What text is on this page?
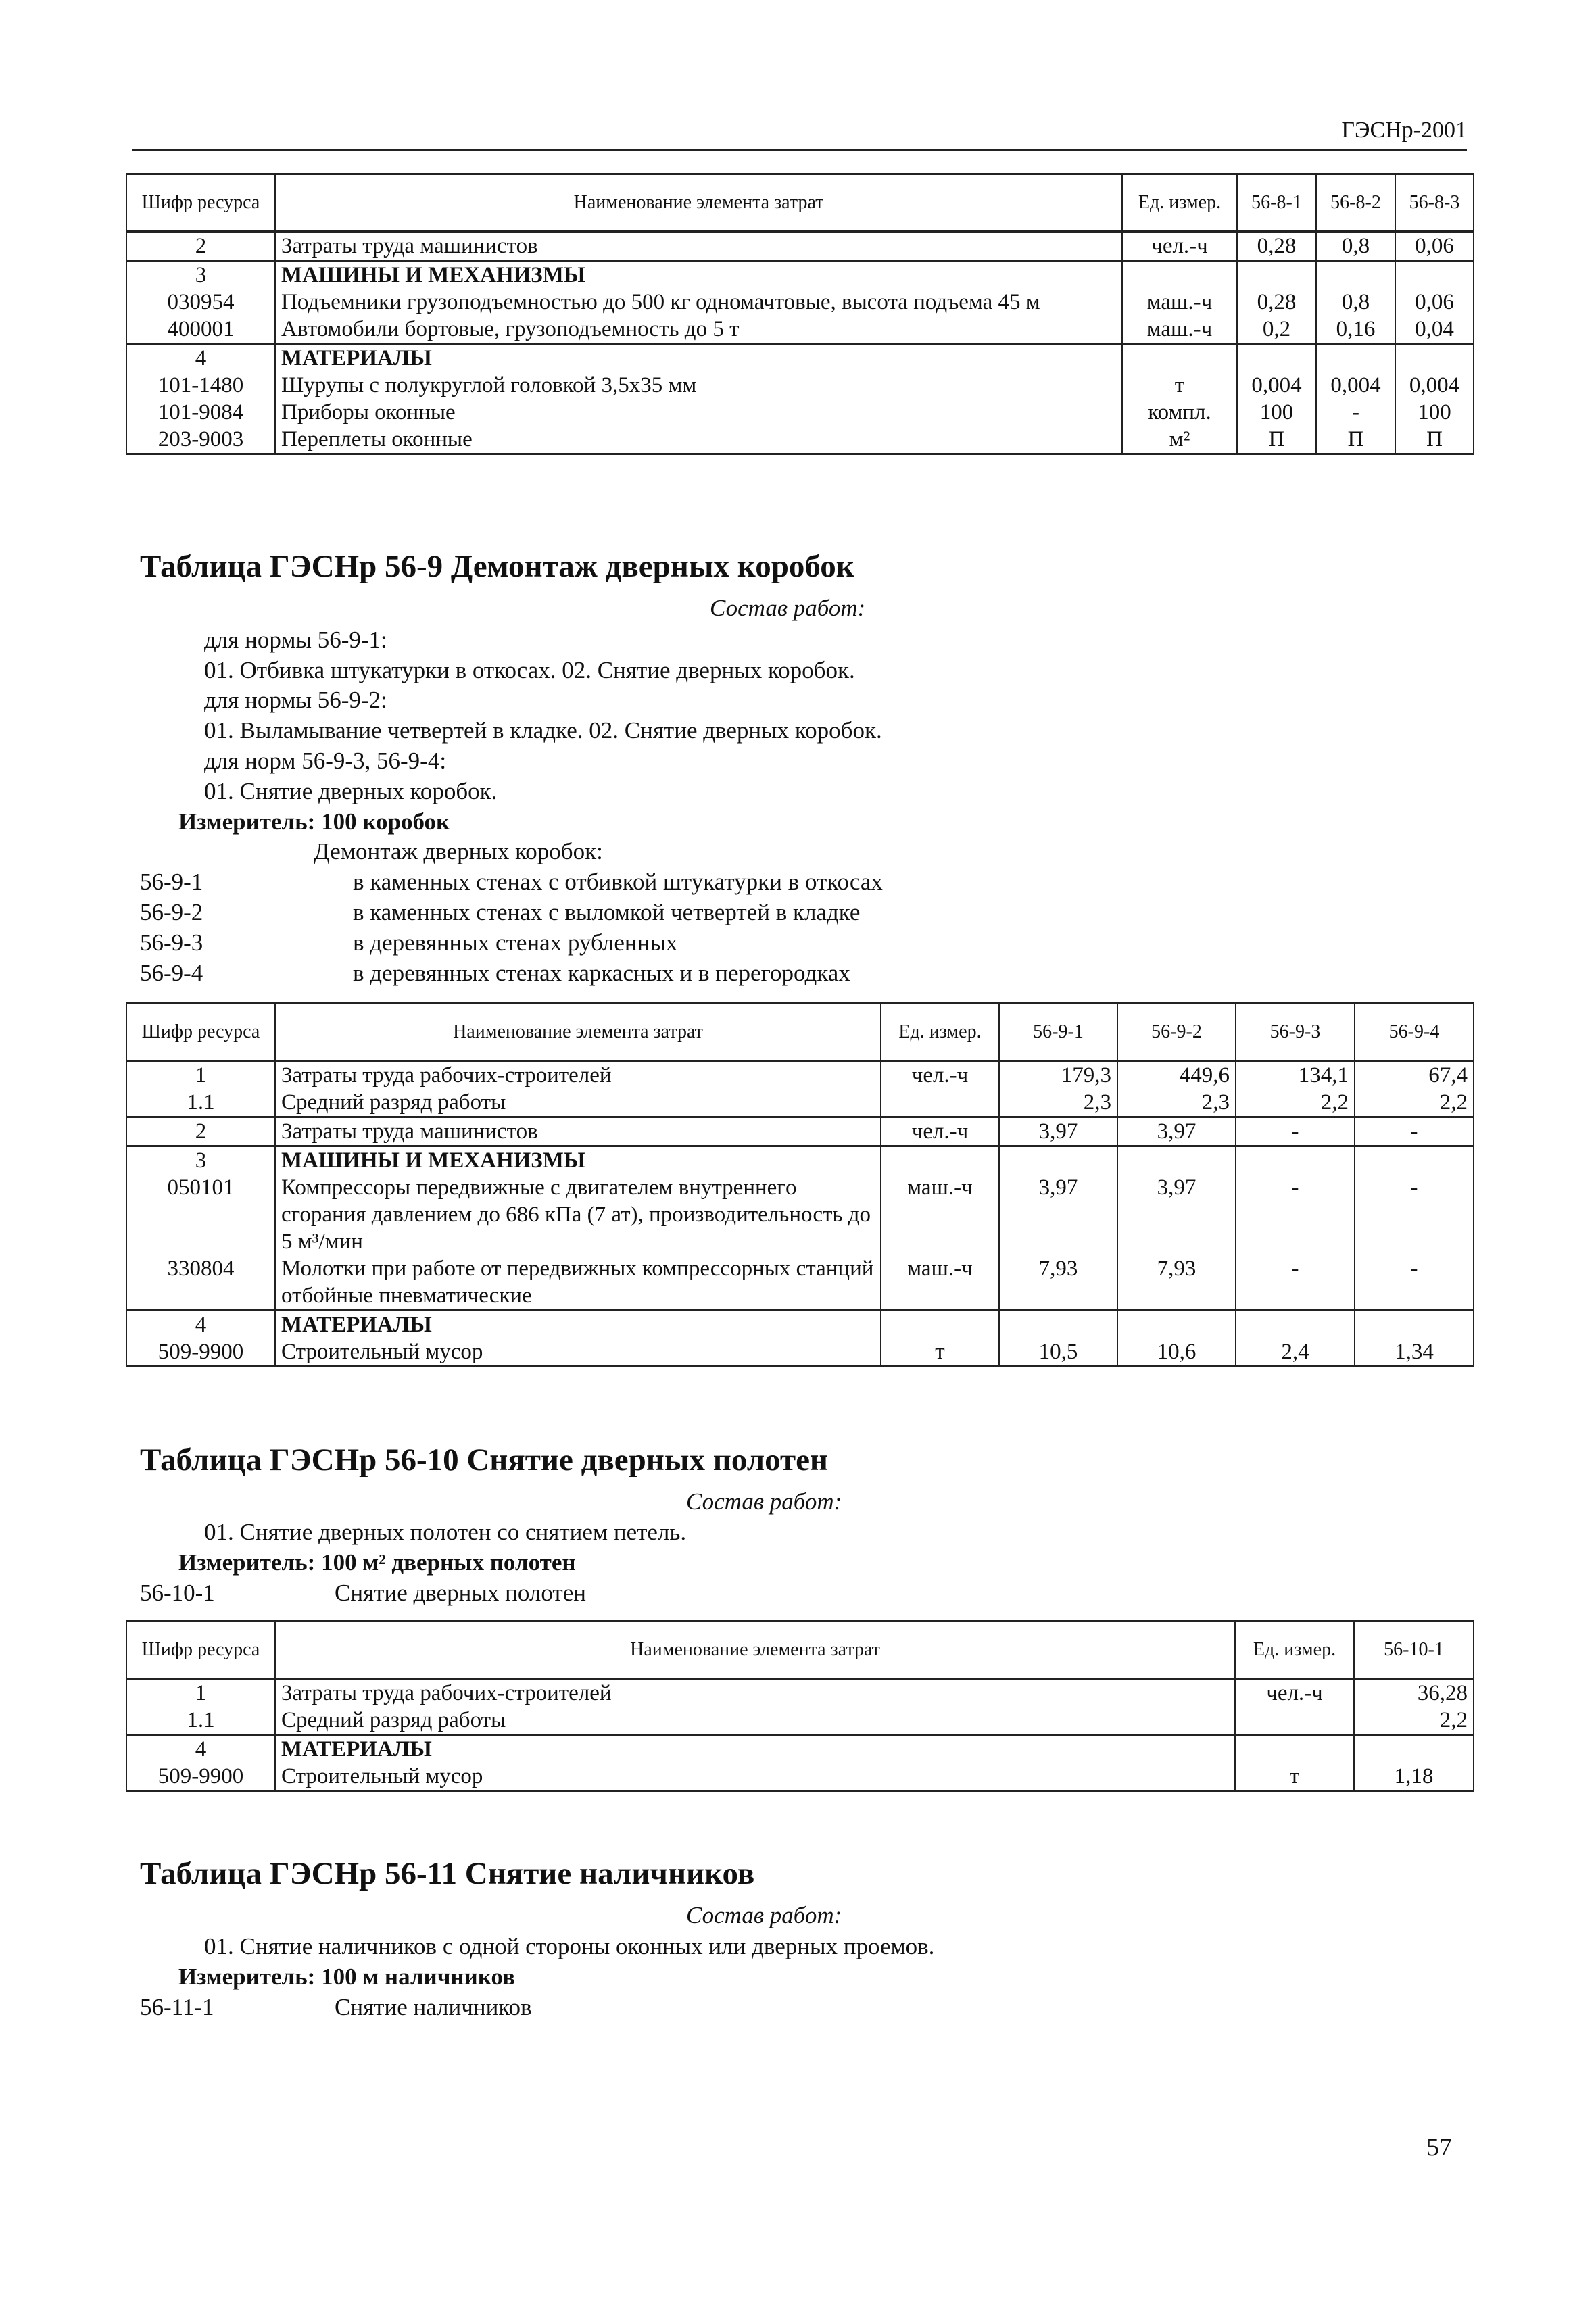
ГЭСНр-2001
Шифр ресурса	Наименование элемента затрат	Ед. измер.	56-8-1	56-8-2	56-8-3
2	Затраты труда машинистов	чел.-ч	0,28	0,8	0,06
3	МАШИНЫ И МЕХАНИЗМЫ				
030954	Подъемники грузоподъемностью до 500 кг одномачтовые, высота подъема 45 м	маш.-ч	0,28	0,8	0,06
400001	Автомобили бортовые, грузоподъемность до 5 т	маш.-ч	0,2	0,16	0,04
4	МАТЕРИАЛЫ				
101-1480	Шурупы с полукруглой головкой 3,5x35 мм	т	0,004	0,004	0,004
101-9084	Приборы оконные	компл.	100	-	100
203-9003	Переплеты оконные	м²	П	П	П
Таблица ГЭСНр 56-9 Демонтаж дверных коробок
Состав работ:
для нормы 56-9-1:
01. Отбивка штукатурки в откосах. 02. Снятие дверных коробок.
для нормы 56-9-2:
01. Выламывание четвертей в кладке. 02. Снятие дверных коробок.
для норм 56-9-3, 56-9-4:
01. Снятие дверных коробок.
Измеритель: 100 коробок
Демонтаж дверных коробок:
56-9-1	в каменных стенах с отбивкой штукатурки в откосах
56-9-2	в каменных стенах с выломкой четвертей в кладке
56-9-3	в деревянных стенах рубленных
56-9-4	в деревянных стенах каркасных и в перегородках
Шифр ресурса	Наименование элемента затрат	Ед. измер.	56-9-1	56-9-2	56-9-3	56-9-4
1	Затраты труда рабочих-строителей	чел.-ч	179,3	449,6	134,1	67,4
1.1	Средний разряд работы		2,3	2,3	2,2	2,2
2	Затраты труда машинистов	чел.-ч	3,97	3,97	-	-
3	МАШИНЫ И МЕХАНИЗМЫ					
050101	Компрессоры передвижные с двигателем внутреннего сгорания давлением до 686 кПа (7 ат), производительность до 5 м³/мин	маш.-ч	3,97	3,97	-	-
330804	Молотки при работе от передвижных компрессорных станций отбойные пневматические	маш.-ч	7,93	7,93	-	-
4	МАТЕРИАЛЫ					
509-9900	Строительный мусор	т	10,5	10,6	2,4	1,34
Таблица ГЭСНр 56-10 Снятие дверных полотен
Состав работ:
01. Снятие дверных полотен со снятием петель.
Измеритель: 100 м² дверных полотен
56-10-1	Снятие дверных полотен
Шифр ресурса	Наименование элемента затрат	Ед. измер.	56-10-1
1	Затраты труда рабочих-строителей	чел.-ч	36,28
1.1	Средний разряд работы		2,2
4	МАТЕРИАЛЫ		
509-9900	Строительный мусор	т	1,18
Таблица ГЭСНр 56-11 Снятие наличников
Состав работ:
01. Снятие наличников с одной стороны оконных или дверных проемов.
Измеритель: 100 м наличников
56-11-1	Снятие наличников
57
